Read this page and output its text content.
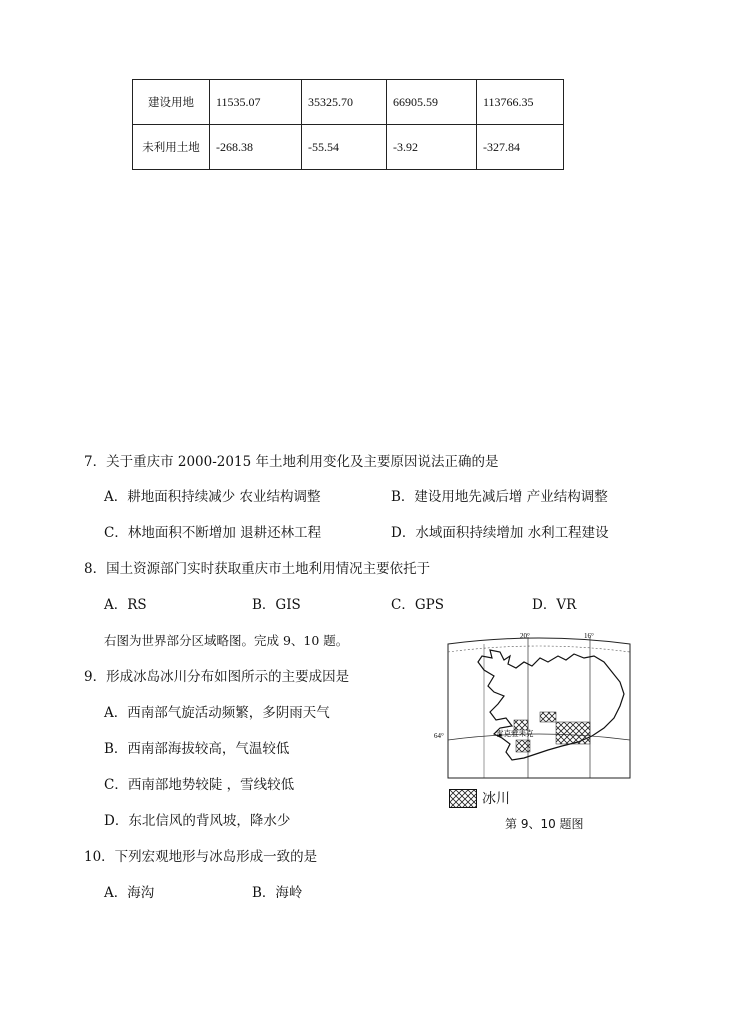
建设用地	11535.07	35325.70	66905.59	113766.35
未利用土地	-268.38	-55.54	-3.92	-327.84
7．关于重庆市 2000-2015 年土地利用变化及主要原因说法正确的是
A．耕地面积持续减少 农业结构调整	B．建设用地先减后增 产业结构调整
C．林地面积不断增加 退耕还林工程	D．水域面积持续增加 水利工程建设
8．国土资源部门实时获取重庆市土地利用情况主要依托于
A．RS	B．GIS	C．GPS	D．VR
右图为世界部分区域略图。完成 9、10 题。
9．形成冰岛冰川分布如图所示的主要成因是
A．西南部气旋活动频繁，多阴雨天气
B．西南部海拔较高，气温较低
C．西南部地势较陡 ，雪线较低
D．东北信风的背风坡，降水少
10．下列宏观地形与冰岛形成一致的是
A．海沟	B．海岭
20°	16°
64°	雷克雅未克
冰川
第 9、10 题图
